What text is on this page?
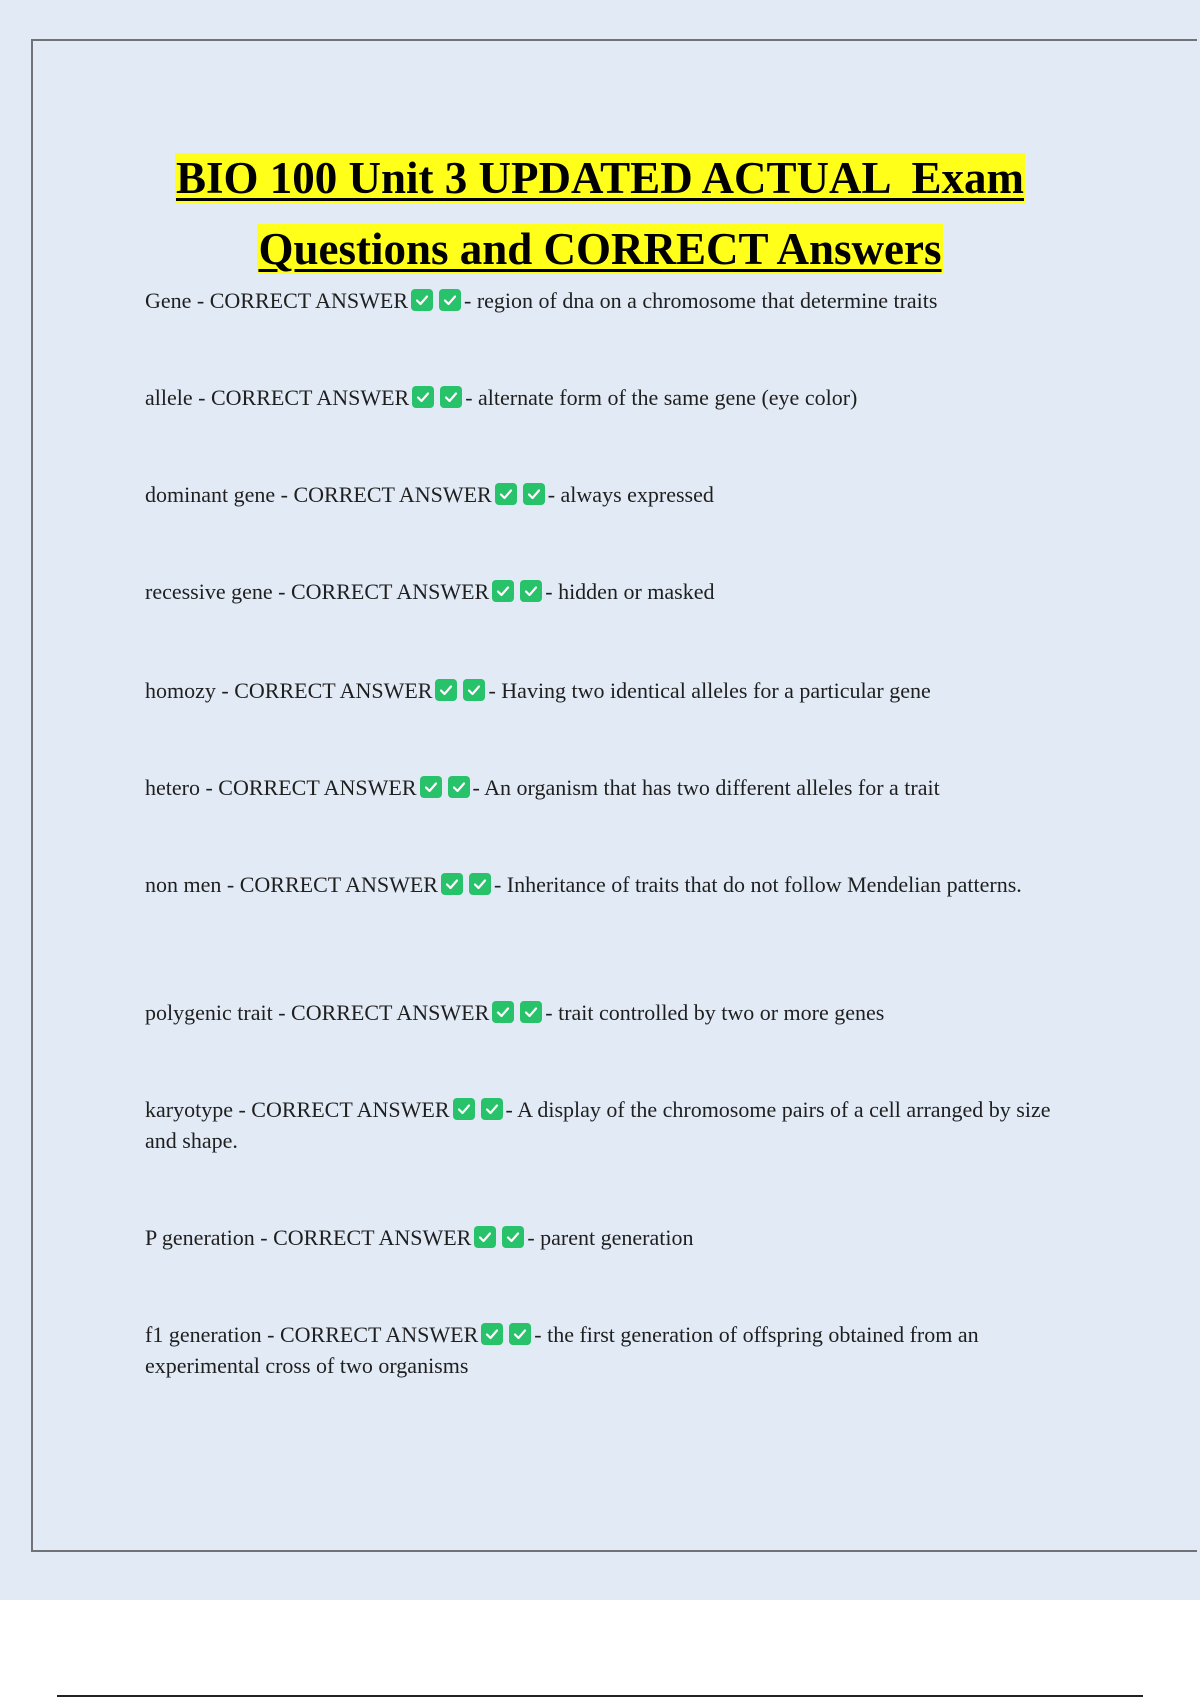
BIO 100 Unit 3 UPDATED ACTUAL  Exam
Questions and CORRECT Answers
Gene - CORRECT ANSWER	- region of dna on a chromosome that determine traits
allele - CORRECT ANSWER	- alternate form of the same gene (eye color)
dominant gene - CORRECT ANSWER	- always expressed
recessive gene - CORRECT ANSWER	- hidden or masked
homozy - CORRECT ANSWER	- Having two identical alleles for a particular gene
hetero - CORRECT ANSWER	- An organism that has two different alleles for a trait
non men - CORRECT ANSWER	- Inheritance of traits that do not follow Mendelian patterns.
polygenic trait - CORRECT ANSWER	- trait controlled by two or more genes
karyotype - CORRECT ANSWER	- A display of the chromosome pairs of a cell arranged by size and shape.
P generation - CORRECT ANSWER	- parent generation
f1 generation - CORRECT ANSWER	- the first generation of offspring obtained from an experimental cross of two organisms
